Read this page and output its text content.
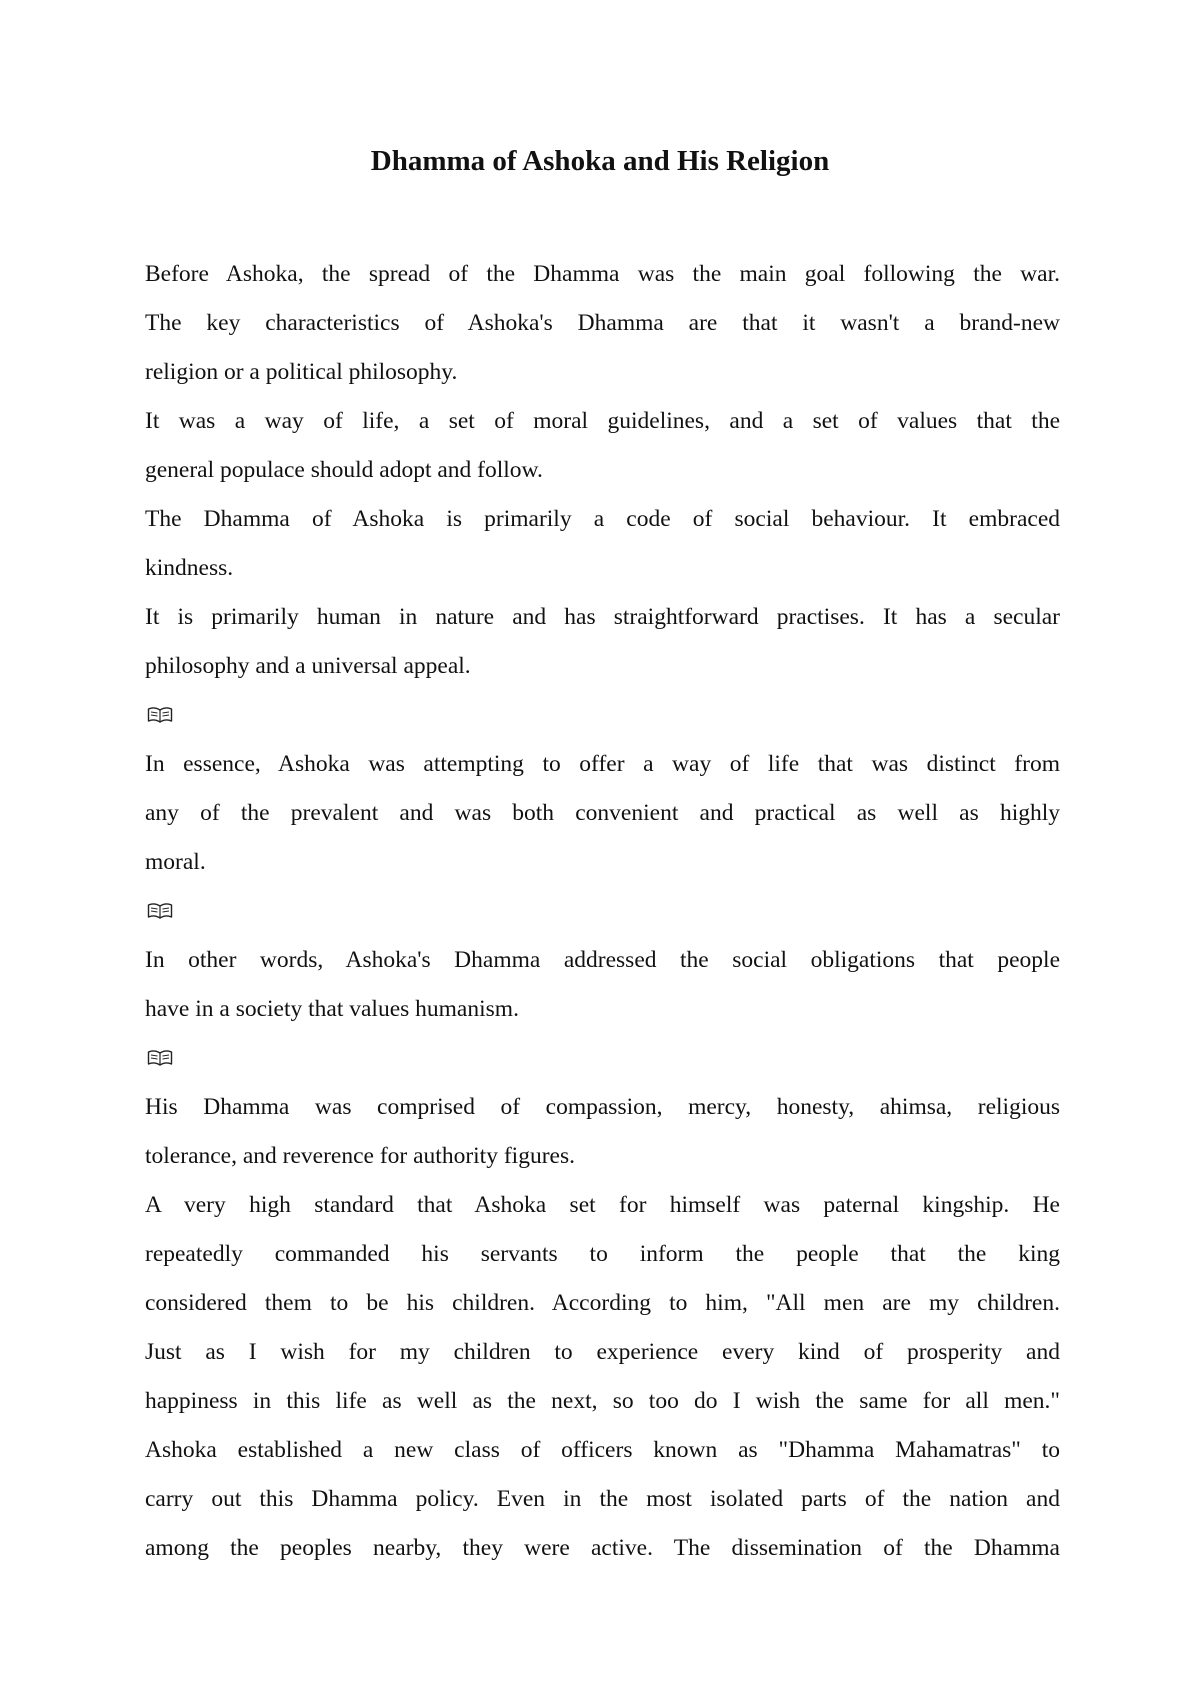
Dhamma of Ashoka and His Religion
Before Ashoka, the spread of the Dhamma was the main goal following the war.
The key characteristics of Ashoka's Dhamma are that it wasn't a brand-new
religion or a political philosophy.
It was a way of life, a set of moral guidelines, and a set of values that the
general populace should adopt and follow.
The Dhamma of Ashoka is primarily a code of social behaviour. It embraced
kindness.
It is primarily human in nature and has straightforward practises. It has a secular
philosophy and a universal appeal.
In essence, Ashoka was attempting to offer a way of life that was distinct from
any of the prevalent and was both convenient and practical as well as highly
moral.
In other words, Ashoka's Dhamma addressed the social obligations that people
have in a society that values humanism.
His Dhamma was comprised of compassion, mercy, honesty, ahimsa, religious
tolerance, and reverence for authority figures.
A very high standard that Ashoka set for himself was paternal kingship. He
repeatedly commanded his servants to inform the people that the king
considered them to be his children. According to him, "All men are my children.
Just as I wish for my children to experience every kind of prosperity and
happiness in this life as well as the next, so too do I wish the same for all men."
Ashoka established a new class of officers known as "Dhamma Mahamatras" to
carry out this Dhamma policy. Even in the most isolated parts of the nation and
among the peoples nearby, they were active. The dissemination of the Dhamma
